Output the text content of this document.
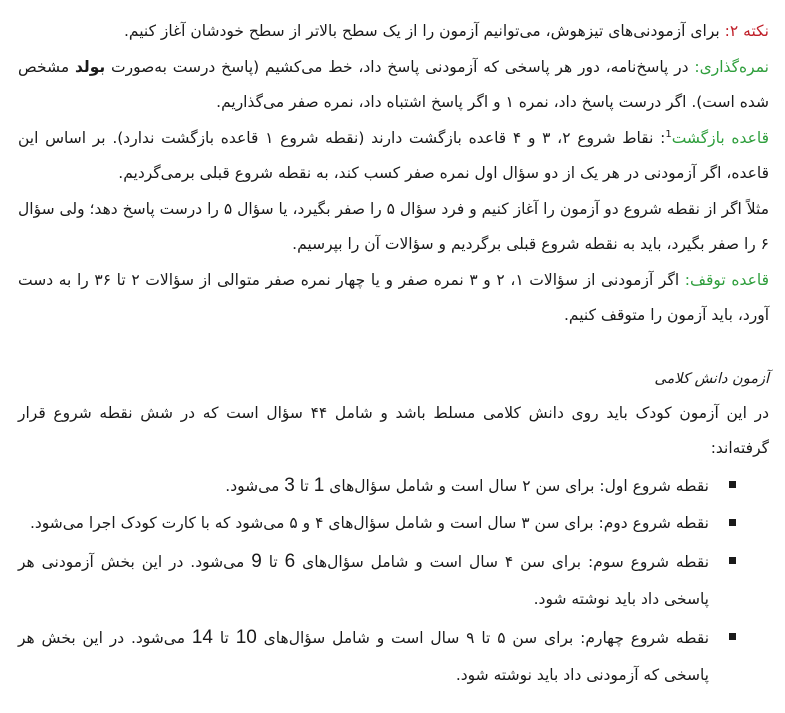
نکته ۲: برای آزمودنی‌های تیزهوش، می‌توانیم آزمون را از یک سطح بالاتر از سطح خودشان آغاز کنیم.

نمره‌گذاری: در پاسخ‌نامه، دور هر پاسخی که آزمودنی پاسخ داد، خط می‌کشیم (پاسخ درست به‌صورت بولد مشخص شده است). اگر درست پاسخ داد، نمره ۱ و اگر پاسخ اشتباه داد، نمره صفر می‌گذاریم.

قاعده بازگشت$^1$: نقاط شروع ۲، ۳ و ۴ قاعده بازگشت دارند (نقطه شروع ۱ قاعده بازگشت ندارد). بر اساس این قاعده، اگر آزمودنی در هر یک از دو سؤال اول نمره صفر کسب کند، به نقطه شروع قبلی برمی‌گردیم.

مثلاً اگر از نقطه شروع دو آزمون را آغاز کنیم و فرد سؤال ۵ را صفر بگیرد، یا سؤال ۵ را درست پاسخ دهد؛ ولی سؤال ۶ را صفر بگیرد، باید به نقطه شروع قبلی برگردیم و سؤالات آن را بپرسیم.

قاعده توقف: اگر آزمودنی از سؤالات ۱، ۲ و ۳ نمره صفر و یا چهار نمره صفر متوالی از سؤالات ۲ تا ۳۶ را به دست آورد، باید آزمون را متوقف کنیم.

آزمون دانش کلامی

در این آزمون کودک باید روی دانش کلامی مسلط باشد و شامل ۴۴ سؤال است که در شش نقطه شروع قرار گرفته‌اند:

نقطه شروع اول: برای سن ۲ سال است و شامل سؤال‌های 1 تا 3 می‌شود.
نقطه شروع دوم: برای سن ۳ سال است و شامل سؤال‌های ۴ و ۵ می‌شود که با کارت کودک اجرا می‌شود.
نقطه شروع سوم: برای سن ۴ سال است و شامل سؤال‌های 6 تا 9 می‌شود. در این بخش آزمودنی هر پاسخی داد باید نوشته شود.
نقطه شروع چهارم: برای سن ۵ تا ۹ سال است و شامل سؤال‌های 10 تا 14 می‌شود. در این بخش هر پاسخی که آزمودنی داد باید نوشته شود.
